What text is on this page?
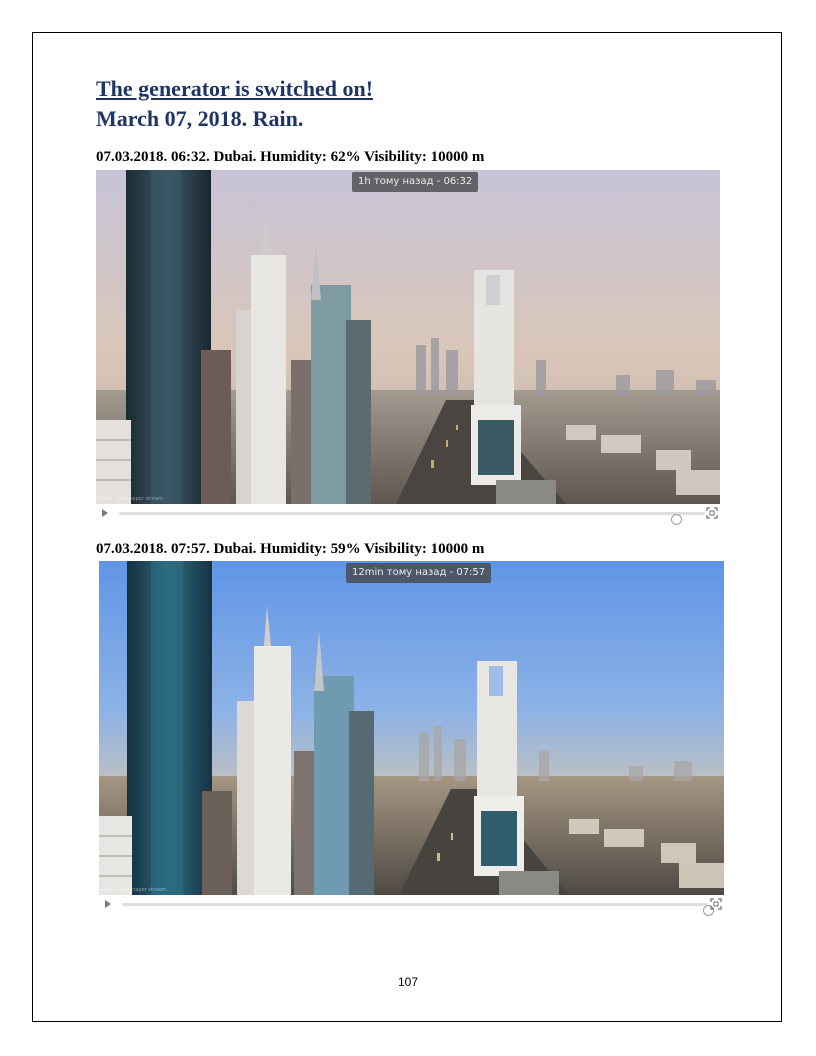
The generator is switched on!
March 07, 2018. Rain.
07.03.2018. 06:32. Dubai. Humidity: 62% Visibility: 10000 m
1h тому назад - 06:32
dubai · skyscraper stream
07.03.2018. 07:57. Dubai. Humidity: 59% Visibility: 10000 m
12min тому назад - 07:57
dubai · skyscraper stream
107
